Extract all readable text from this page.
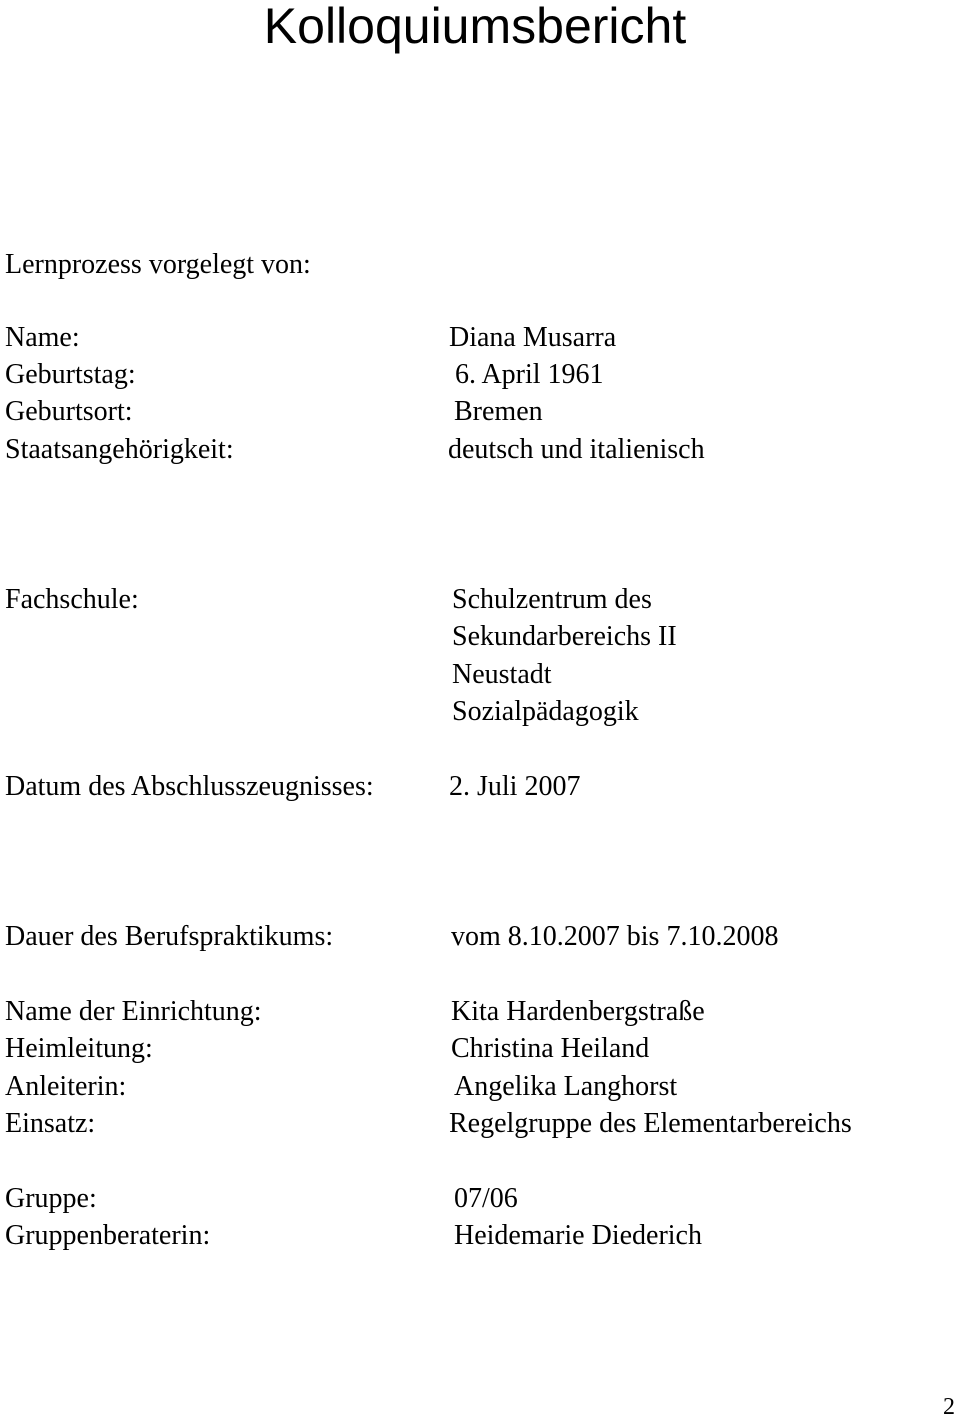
Kolloquiumsbericht
Lernprozess vorgelegt von:
Name:	Diana Musarra
Geburtstag:	6. April 1961
Geburtsort:	Bremen
Staatsangehörigkeit:	deutsch und italienisch
Fachschule:	Schulzentrum des
Sekundarbereichs II
Neustadt
Sozialpädagogik
Datum des Abschlusszeugnisses:	2. Juli 2007
Dauer des Berufspraktikums:	vom 8.10.2007 bis 7.10.2008
Name der Einrichtung:	Kita Hardenbergstraße
Heimleitung:	Christina Heiland
Anleiterin:	Angelika Langhorst
Einsatz:	Regelgruppe des Elementarbereichs
Gruppe:	07/06
Gruppenberaterin:	Heidemarie Diederich
2
